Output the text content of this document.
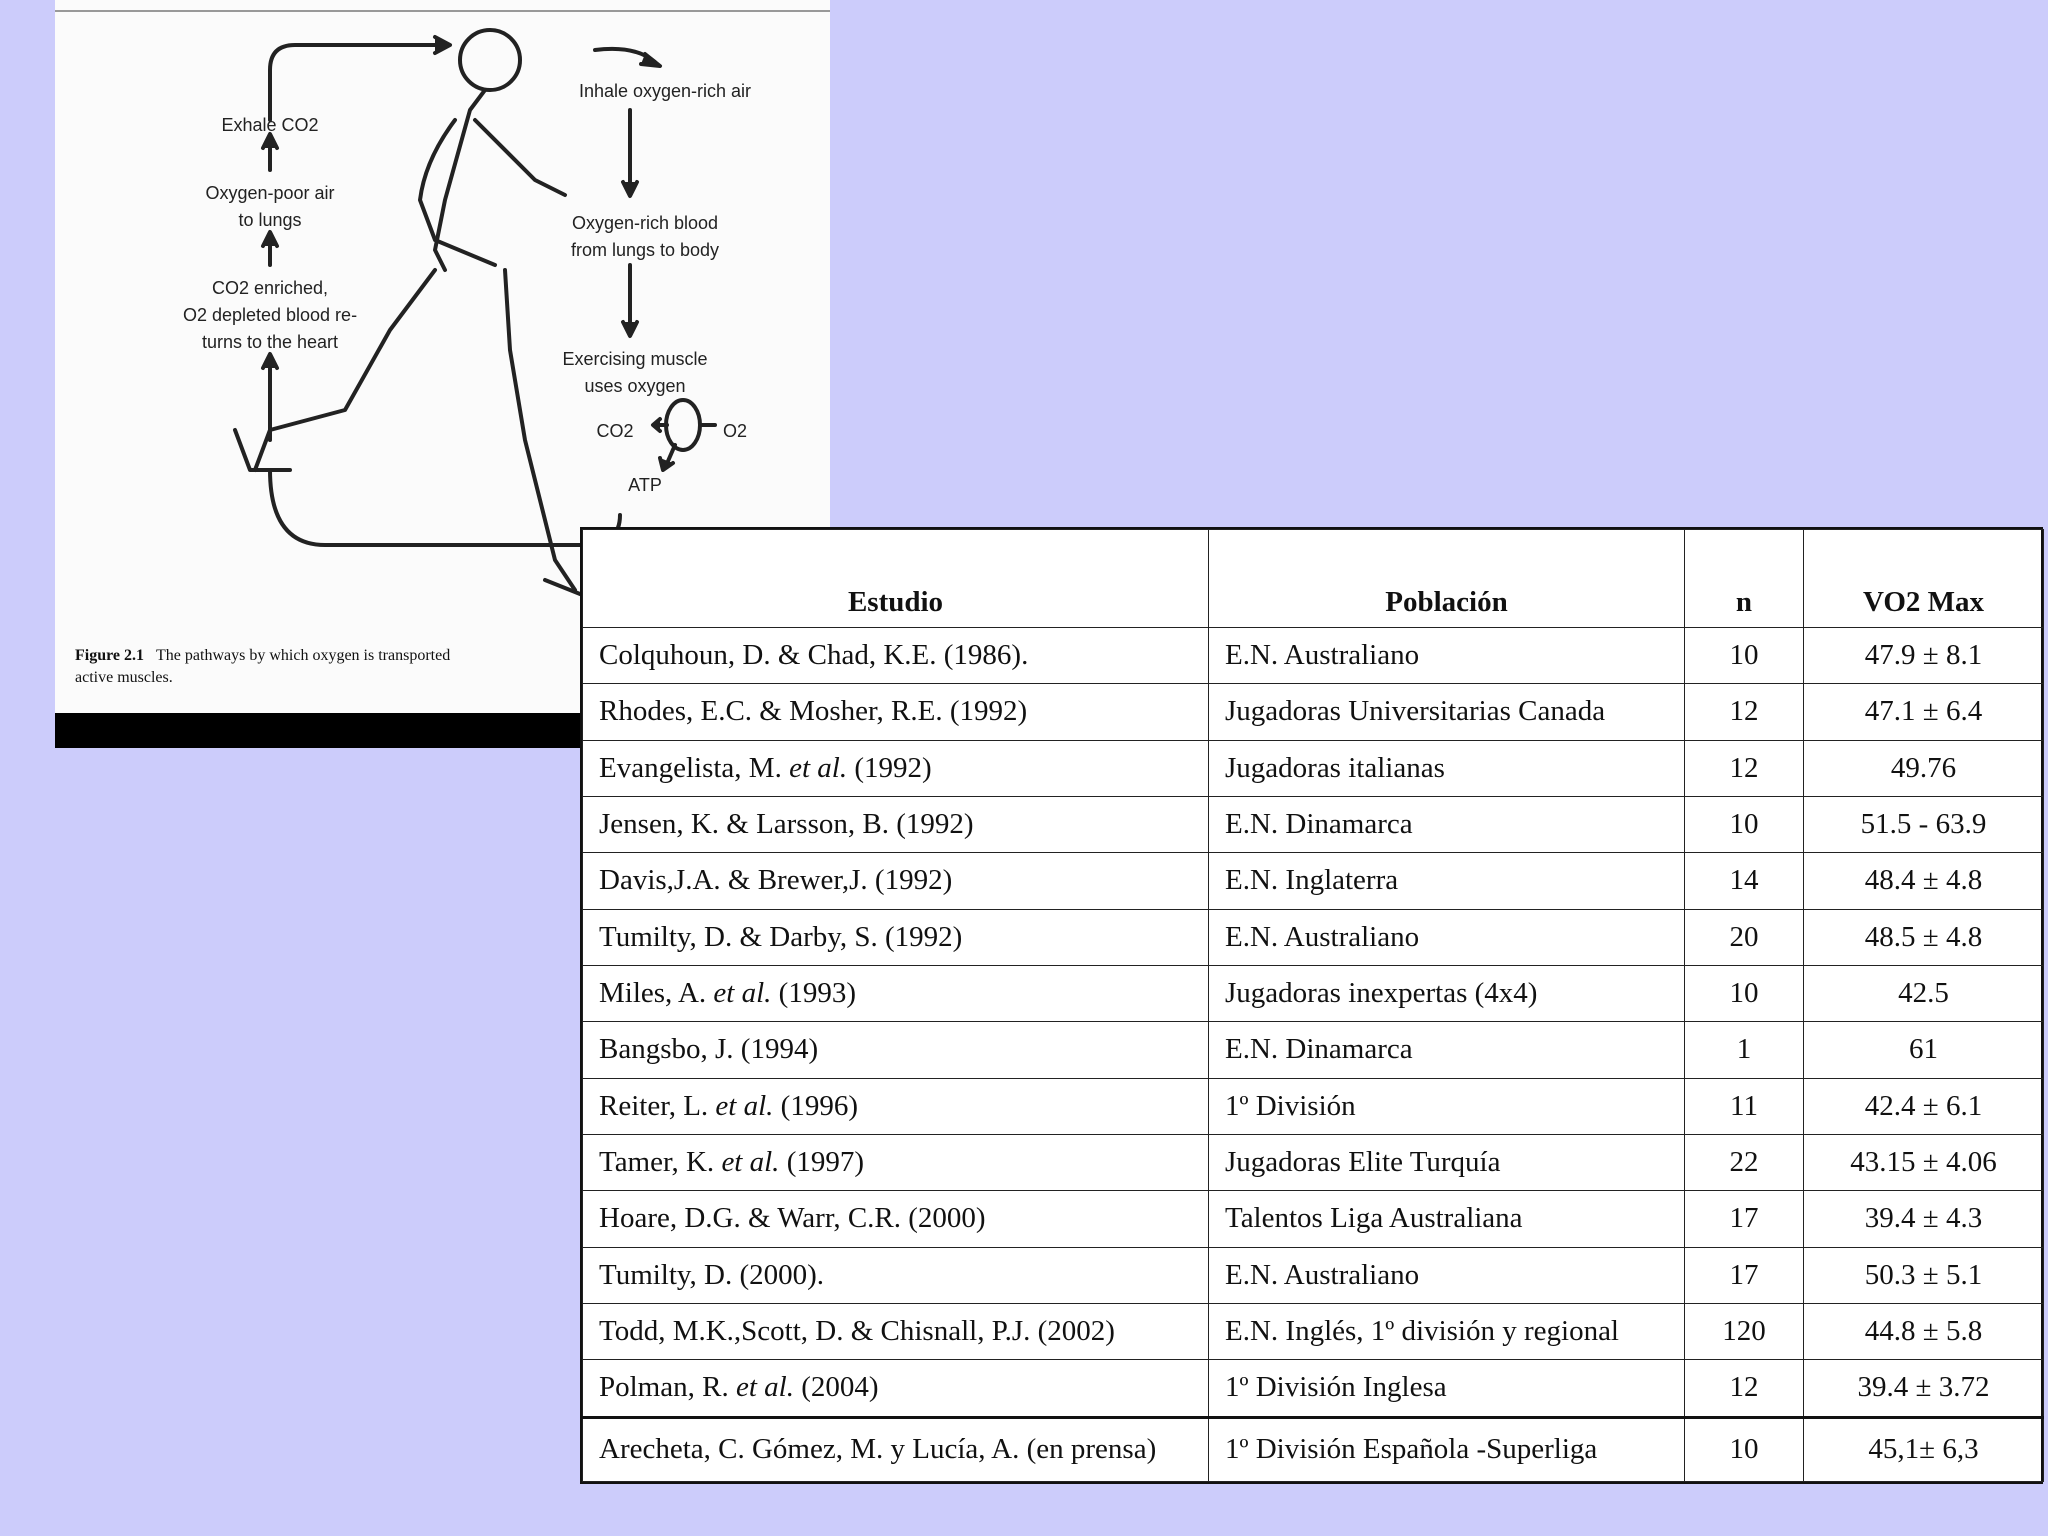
Exhale CO2
Oxygen-poor air
to lungs
CO2 enriched,
O2 depleted blood re-
turns to the heart
Inhale oxygen-rich air
Oxygen-rich blood
from lungs to body
Exercising muscle
uses oxygen
CO2	O2
ATP
Figure 2.1 The pathways by which oxygen is transported
active muscles.
Estudio	Población	n	VO2 Max
Colquhoun, D. & Chad, K.E. (1986).	E.N. Australiano	10	47.9 ± 8.1
Rhodes, E.C. & Mosher, R.E. (1992)	Jugadoras Universitarias Canada	12	47.1 ± 6.4
Evangelista, M. et al. (1992)	Jugadoras italianas	12	49.76
Jensen, K. & Larsson, B. (1992)	E.N. Dinamarca	10	51.5 - 63.9
Davis,J.A. & Brewer,J. (1992)	E.N. Inglaterra	14	48.4 ± 4.8
Tumilty, D. & Darby, S. (1992)	E.N. Australiano	20	48.5 ± 4.8
Miles, A. et al. (1993)	Jugadoras inexpertas (4x4)	10	42.5
Bangsbo, J. (1994)	E.N. Dinamarca	1	61
Reiter, L. et al. (1996)	1º División	11	42.4 ± 6.1
Tamer, K. et al. (1997)	Jugadoras Elite Turquía	22	43.15 ± 4.06
Hoare, D.G. & Warr, C.R. (2000)	Talentos Liga Australiana	17	39.4 ± 4.3
Tumilty, D. (2000).	E.N. Australiano	17	50.3 ± 5.1
Todd, M.K.,Scott, D. & Chisnall, P.J. (2002)	E.N. Inglés, 1º división y regional	120	44.8 ± 5.8
Polman, R. et al. (2004)	1º División Inglesa	12	39.4 ± 3.72
Arecheta, C. Gómez, M. y Lucía, A. (en prensa)	1º División Española -Superliga	10	45,1± 6,3
